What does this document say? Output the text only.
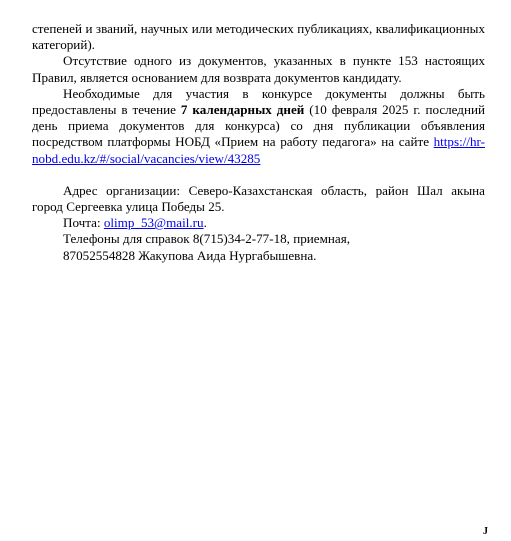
степеней и званий, научных или методических публикациях, квалификационных категорий).

Отсутствие одного из документов, указанных в пункте 153 настоящих Правил, является основанием для возврата документов кандидату.

Необходимые для участия в конкурсе документы должны быть предоставлены в течение 7 календарных дней (10 февраля 2025 г. последний день приема документов для конкурса) со дня публикации объявления посредством платформы НОБД «Прием на работу педагога» на сайте https://hr-nobd.edu.kz/#/social/vacancies/view/43285

Адрес организации: Северо-Казахстанская область, район Шал акына город Сергеевка улица Победы 25.

Почта: olimp_53@mail.ru.
Телефоны для справок 8(715)34-2-77-18, приемная,
87052554828 Жакупова Аида Нургабышевна.
J
